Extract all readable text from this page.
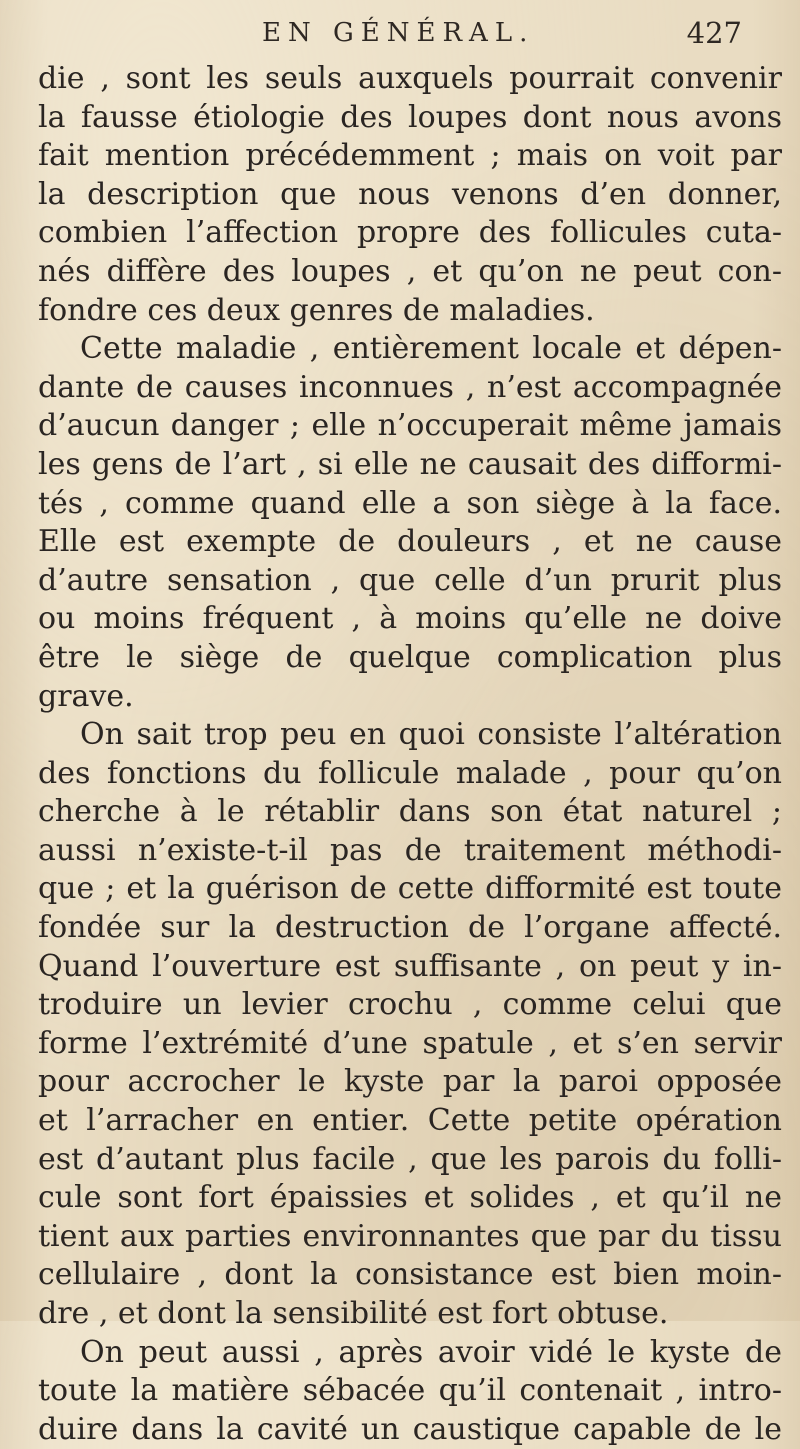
EN GÉNÉRAL.	427
die , sont les seuls auxquels pourrait convenir
la fausse étiologie des loupes dont nous avons
fait mention précédemment ; mais on voit par
la description que nous venons d’en donner,
combien l’affection propre des follicules cuta-
nés diffère des loupes , et qu’on ne peut con-
fondre ces deux genres de maladies.
Cette maladie , entièrement locale et dépen-
dante de causes inconnues , n’est accompagnée
d’aucun danger ; elle n’occuperait même jamais
les gens de l’art , si elle ne causait des difformi-
tés , comme quand elle a son siège à la face.
Elle est exempte de douleurs , et ne cause
d’autre sensation , que celle d’un prurit plus
ou moins fréquent , à moins qu’elle ne doive
être le siège de quelque complication plus
grave.
On sait trop peu en quoi consiste l’altération
des fonctions du follicule malade , pour qu’on
cherche à le rétablir dans son état naturel ;
aussi n’existe-t-il pas de traitement méthodi-
que ; et la guérison de cette difformité est toute
fondée sur la destruction de l’organe affecté.
Quand l’ouverture est suffisante , on peut y in-
troduire un levier crochu , comme celui que
forme l’extrémité d’une spatule , et s’en servir
pour accrocher le kyste par la paroi opposée
et l’arracher en entier. Cette petite opération
est d’autant plus facile , que les parois du folli-
cule sont fort épaissies et solides , et qu’il ne
tient aux parties environnantes que par du tissu
cellulaire , dont la consistance est bien moin-
dre , et dont la sensibilité est fort obtuse.
On peut aussi , après avoir vidé le kyste de
toute la matière sébacée qu’il contenait , intro-
duire dans la cavité un caustique capable de le
